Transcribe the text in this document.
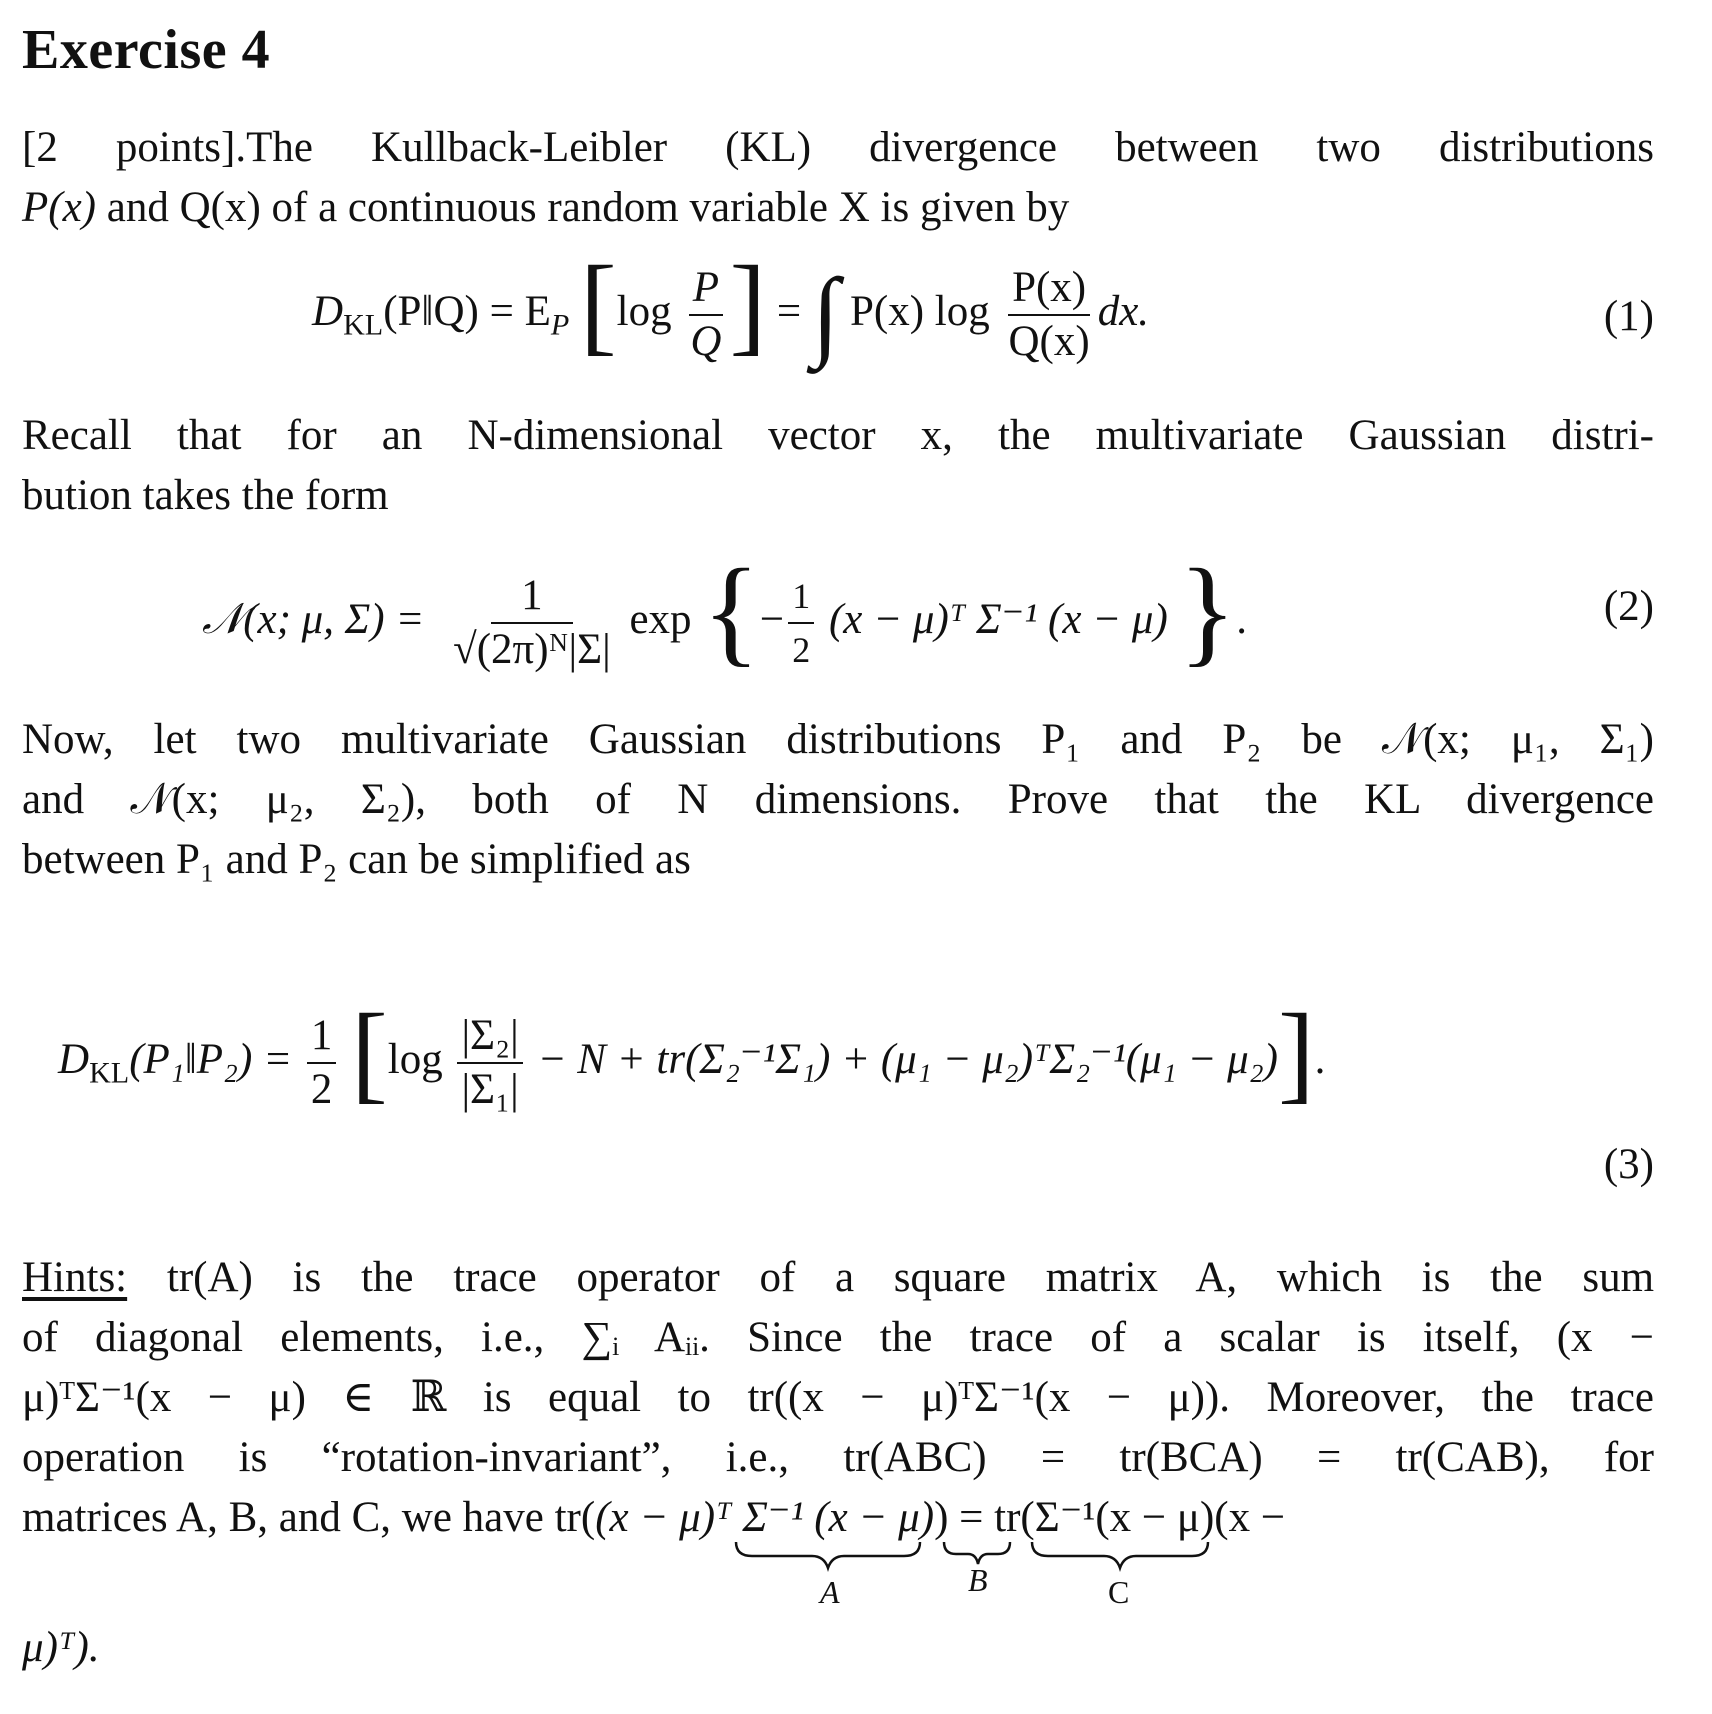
Exercise 4
[2 points].The Kullback-Leibler (KL) divergence between two distributions
P(x) and Q(x) of a continuous random variable X is given by
$D_{KL}(P‖Q) = E_P$ [$\log \frac{P}{Q}$ ] = ∫ P(x) $\log \frac{P(x)}{Q(x)}$ dx.	(1)
Recall that for an N-dimensional vector x, the multivariate Gaussian distri-
bution takes the form
𝒩(x; μ, $\Sigma) = \frac{1}{\text{√(2π)ᴺ|Σ|}}$ exp {− $\frac{1}{2} (x$ − μ)ᵀ Σ⁻¹ (x − μ) }.	(2)
Now, let two multivariate Gaussian distributions P₁ and P₂ be 𝒩(x; μ₁, Σ₁)
and 𝒩(x; μ₂, Σ₂), both of N dimensions. Prove that the KL divergence
between P₁ and P₂ can be simplified as
$D_{KL}(P_1‖P_2) = \frac{1}{2} [\log \frac{\text{|Σ₂|}}{\text{|Σ₁|}} - N + tr(\Sigma_2^{-1}\Sigma_1) + (\mu_1$ − μ₂)ᵀΣ₂⁻¹(μ₁ − μ₂)].
(3)
Hints: tr(A) is the trace operator of a square matrix A, which is the sum
of diagonal elements, i.e., ∑ᵢ Aᵢᵢ. Since the trace of a scalar is itself, (x −
μ)ᵀΣ⁻¹(x − μ) ∈ ℝ is equal to tr((x − μ)ᵀΣ⁻¹(x − μ)). Moreover, the trace
operation is “rotation-invariant”, i.e., tr(ABC) = tr(BCA) = tr(CAB), for
matrices A, B, and C, we have tr((x − μ)ᵀ Σ⁻¹ (x − μ)) = tr(Σ⁻¹(x − μ)(x −
A	B	C
μ)ᵀ).
